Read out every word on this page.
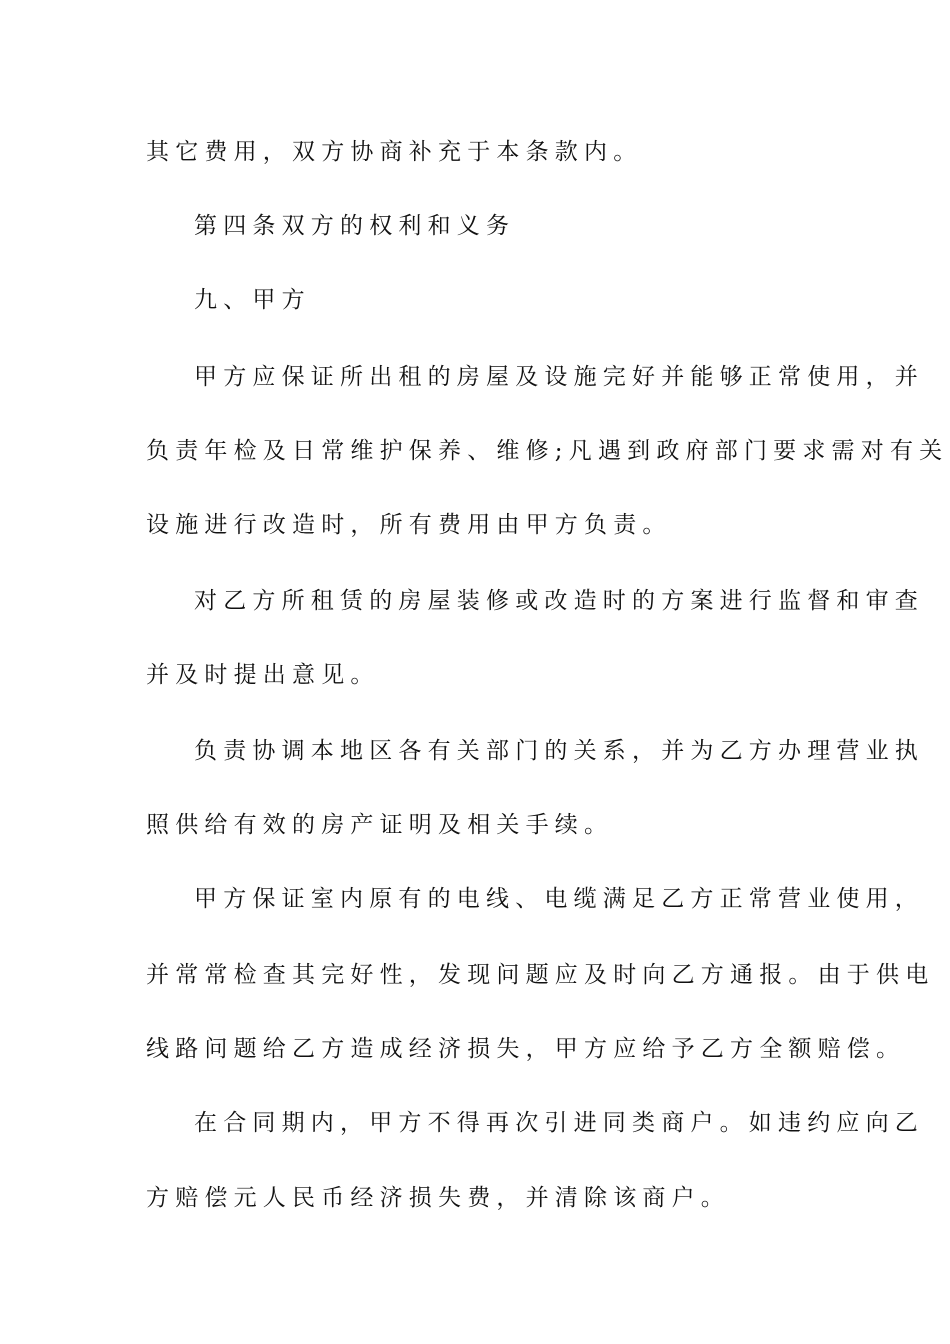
其它费用，双方协商补充于本条款内。

第四条双方的权利和义务

九、甲方

甲方应保证所出租的房屋及设施完好并能够正常使用，并

负责年检及日常维护保养、维修;凡遇到政府部门要求需对有关

设施进行改造时，所有费用由甲方负责。

对乙方所租赁的房屋装修或改造时的方案进行监督和审查

并及时提出意见。

负责协调本地区各有关部门的关系，并为乙方办理营业执

照供给有效的房产证明及相关手续。

甲方保证室内原有的电线、电缆满足乙方正常营业使用，

并常常检查其完好性，发现问题应及时向乙方通报。由于供电

线路问题给乙方造成经济损失，甲方应给予乙方全额赔偿。

在合同期内，甲方不得再次引进同类商户。如违约应向乙

方赔偿元人民币经济损失费，并清除该商户。
